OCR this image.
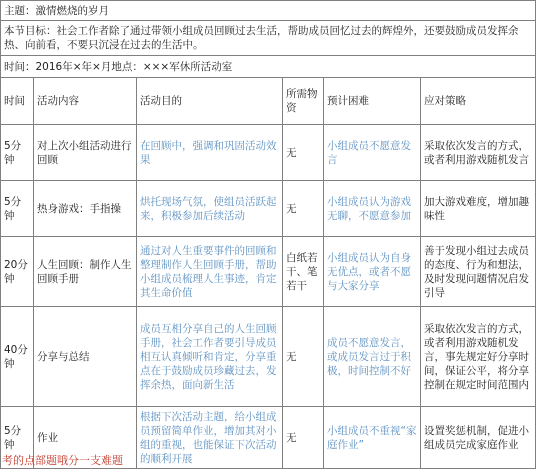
主题：激情燃烧的岁月
本节目标：社会工作者除了通过带领小组成员回顾过去生活，帮助成员回忆过去的辉煌外，还要鼓励成员发挥余热、向前看，不要只沉浸在过去的生活中。
时间：2016年×年×月地点：×××军休所活动室
时间	活动内容	活动目的	所需物资	预计困难	应对策略
5分钟	对上次小组活动进行回顾	在回顾中，强调和巩固活动效果	无	小组成员不愿意发言	采取依次发言的方式，或者利用游戏随机发言
5分钟	热身游戏：手指操	烘托现场气氛，使组员活跃起来，积极参加后续活动	无	小组成员认为游戏无聊，不愿意参加	加大游戏难度，增加趣味性
20分钟	人生回顾：制作人生回顾手册	通过对人生重要事件的回顾和整理制作人生回顾手册，帮助小组成员梳理人生事迹，肯定其生命价值	白纸若干、笔若干	小组成员认为自身无优点，或者不愿与大家分享	善于发现小组过去成员的态度、行为和想法，及时发现问题情况启发引导
40分钟	分享与总结	成员互相分享自己的人生回顾手册，社会工作者要引导成员相互认真倾听和肯定，分享重点在于鼓励成员珍藏过去，发挥余热，面向新生活	无	成员不愿意发言，或成员发言过于积极，时间控制不好	采取依次发言的方式，或者利用游戏随机发言，事先规定好分享时间，保证公平，将分享控制在规定时间范围内
5分钟	作业	根据下次活动主题，给小组成员预留简单作业，增加其对小组的重视，也能保证下次活动的顺利开展	无	小组成员不重视“家庭作业”	设置奖惩机制，促进小组成员完成家庭作业
考的点部题哦分一支难题
